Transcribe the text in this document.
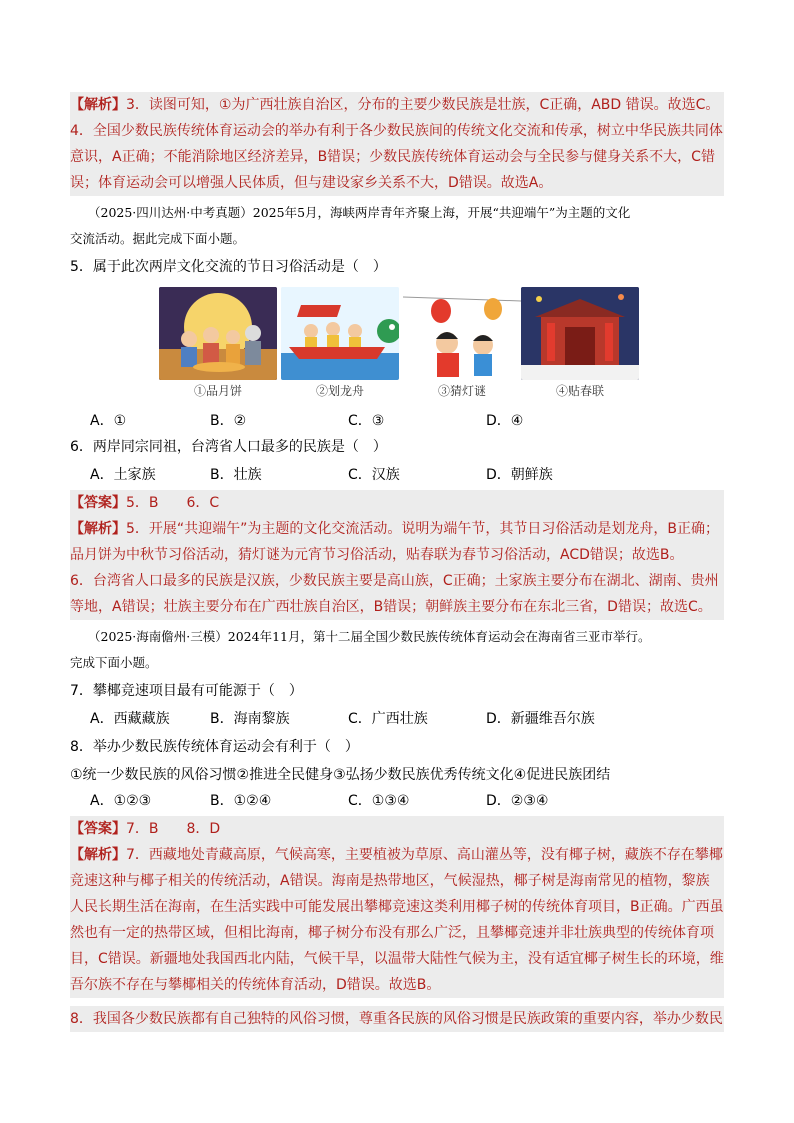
【解析】3．读图可知，①为广西壮族自治区，分布的主要少数民族是壮族，C正确，ABD 错误。故选C。
4．全国少数民族传统体育运动会的举办有利于各少数民族间的传统文化交流和传承，树立中华民族共同体
意识，A正确；不能消除地区经济差异，B错误；少数民族传统体育运动会与全民参与健身关系不大，C错
误；体育运动会可以增强人民体质，但与建设家乡关系不大，D错误。故选A。
（2025·四川达州·中考真题）2025年5月，海峡两岸青年齐聚上海，开展“共迎端午”为主题的文化
交流活动。据此完成下面小题。
5．属于此次两岸文化交流的节日习俗活动是（　）
①品月饼	②划龙舟	③猜灯谜	④贴春联
A．①	B．②	C．③	D．④
6．两岸同宗同祖，台湾省人口最多的民族是（　）
A．土家族	B．壮族	C．汉族	D．朝鲜族
【答案】5．B　　6．C
【解析】5．开展“共迎端午”为主题的文化交流活动。说明为端午节，其节日习俗活动是划龙舟，B正确；
品月饼为中秋节习俗活动，猜灯谜为元宵节习俗活动，贴春联为春节习俗活动，ACD错误；故选B。
6．台湾省人口最多的民族是汉族，少数民族主要是高山族，C正确；土家族主要分布在湖北、湖南、贵州
等地，A错误；壮族主要分布在广西壮族自治区，B错误；朝鲜族主要分布在东北三省，D错误；故选C。
（2025·海南儋州·三模）2024年11月，第十二届全国少数民族传统体育运动会在海南省三亚市举行。
完成下面小题。
7．攀椰竞速项目最有可能源于（　）
A．西藏藏族	B．海南黎族	C．广西壮族	D．新疆维吾尔族
8．举办少数民族传统体育运动会有利于（　）
①统一少数民族的风俗习惯②推进全民健身③弘扬少数民族优秀传统文化④促进民族团结
A．①②③	B．①②④	C．①③④	D．②③④
【答案】7．B　　8．D
【解析】7．西藏地处青藏高原，气候高寒，主要植被为草原、高山灌丛等，没有椰子树，藏族不存在攀椰
竞速这种与椰子相关的传统活动，A错误。海南是热带地区，气候湿热，椰子树是海南常见的植物，黎族
人民长期生活在海南，在生活实践中可能发展出攀椰竞速这类利用椰子树的传统体育项目，B正确。广西虽
然也有一定的热带区域，但相比海南，椰子树分布没有那么广泛，且攀椰竞速并非壮族典型的传统体育项
目，C错误。新疆地处我国西北内陆，气候干旱，以温带大陆性气候为主，没有适宜椰子树生长的环境，维
吾尔族不存在与攀椰相关的传统体育活动，D错误。故选B。
8．我国各少数民族都有自己独特的风俗习惯，尊重各民族的风俗习惯是民族政策的重要内容，举办少数民
